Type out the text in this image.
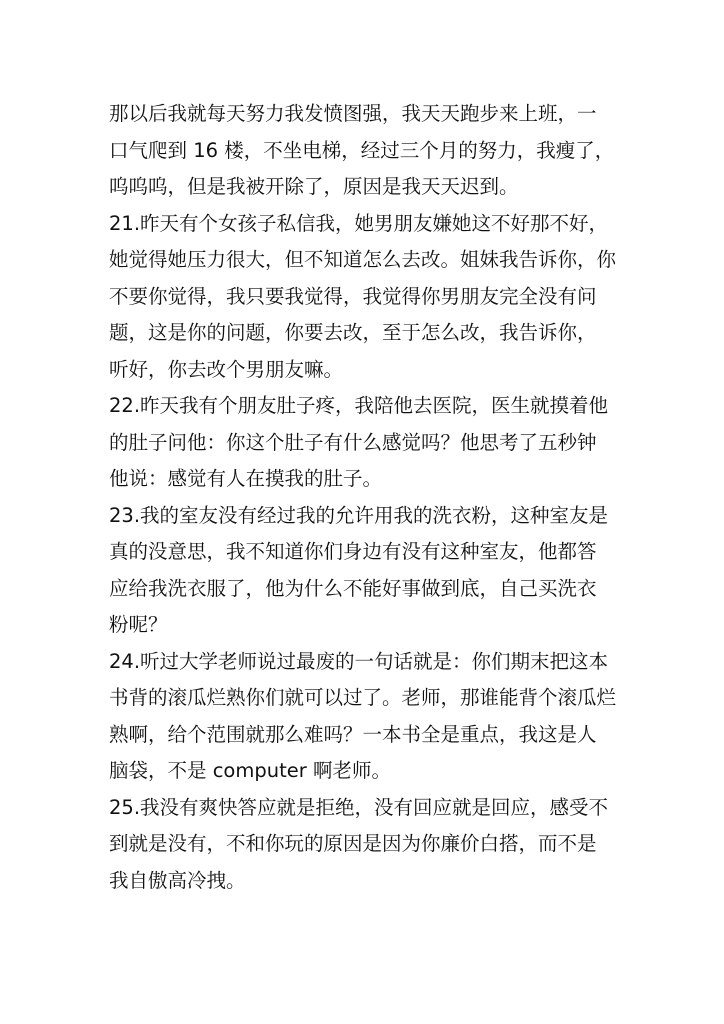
那以后我就每天努力我发愤图强，我天天跑步来上班，一
口气爬到 16 楼，不坐电梯，经过三个月的努力，我瘦了，
呜呜呜，但是我被开除了，原因是我天天迟到。
21.昨天有个女孩子私信我，她男朋友嫌她这不好那不好，
她觉得她压力很大，但不知道怎么去改。姐妹我告诉你，你
不要你觉得，我只要我觉得，我觉得你男朋友完全没有问
题，这是你的问题，你要去改，至于怎么改，我告诉你，
听好，你去改个男朋友嘛。
22.昨天我有个朋友肚子疼，我陪他去医院，医生就摸着他
的肚子问他：你这个肚子有什么感觉吗？他思考了五秒钟
他说：感觉有人在摸我的肚子。
23.我的室友没有经过我的允许用我的洗衣粉，这种室友是
真的没意思，我不知道你们身边有没有这种室友，他都答
应给我洗衣服了，他为什么不能好事做到底，自己买洗衣
粉呢？
24.听过大学老师说过最废的一句话就是：你们期末把这本
书背的滚瓜烂熟你们就可以过了。老师，那谁能背个滚瓜烂
熟啊，给个范围就那么难吗？一本书全是重点，我这是人
脑袋，不是 computer 啊老师。
25.我没有爽快答应就是拒绝，没有回应就是回应，感受不
到就是没有，不和你玩的原因是因为你廉价白搭，而不是
我自傲高冷拽。
